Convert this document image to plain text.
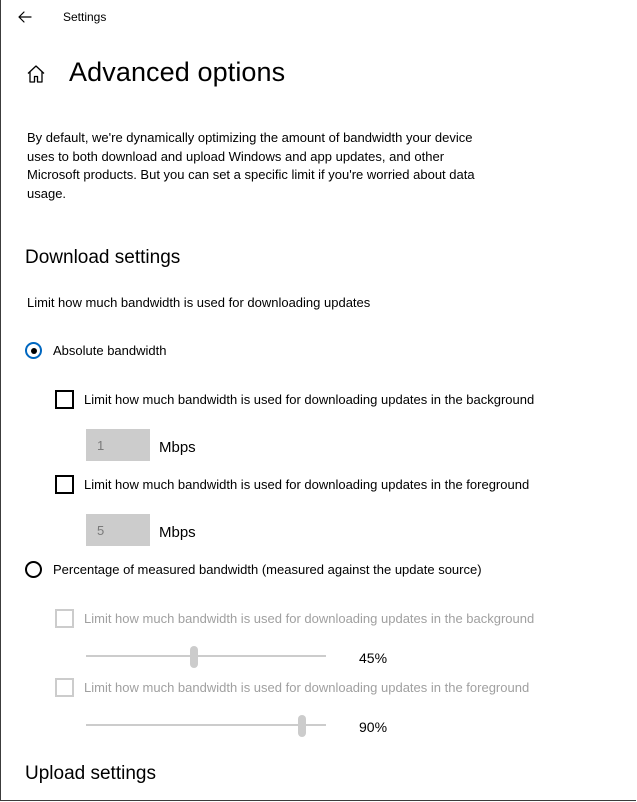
Settings
Advanced options
By default, we're dynamically optimizing the amount of bandwidth your device uses to both download and upload Windows and app updates, and other Microsoft products. But you can set a specific limit if you're worried about data usage.
Download settings
Limit how much bandwidth is used for downloading updates
Absolute bandwidth
Limit how much bandwidth is used for downloading updates in the background
1
Mbps
Limit how much bandwidth is used for downloading updates in the foreground
5
Mbps
Percentage of measured bandwidth (measured against the update source)
Limit how much bandwidth is used for downloading updates in the background
45%
Limit how much bandwidth is used for downloading updates in the foreground
90%
Upload settings
